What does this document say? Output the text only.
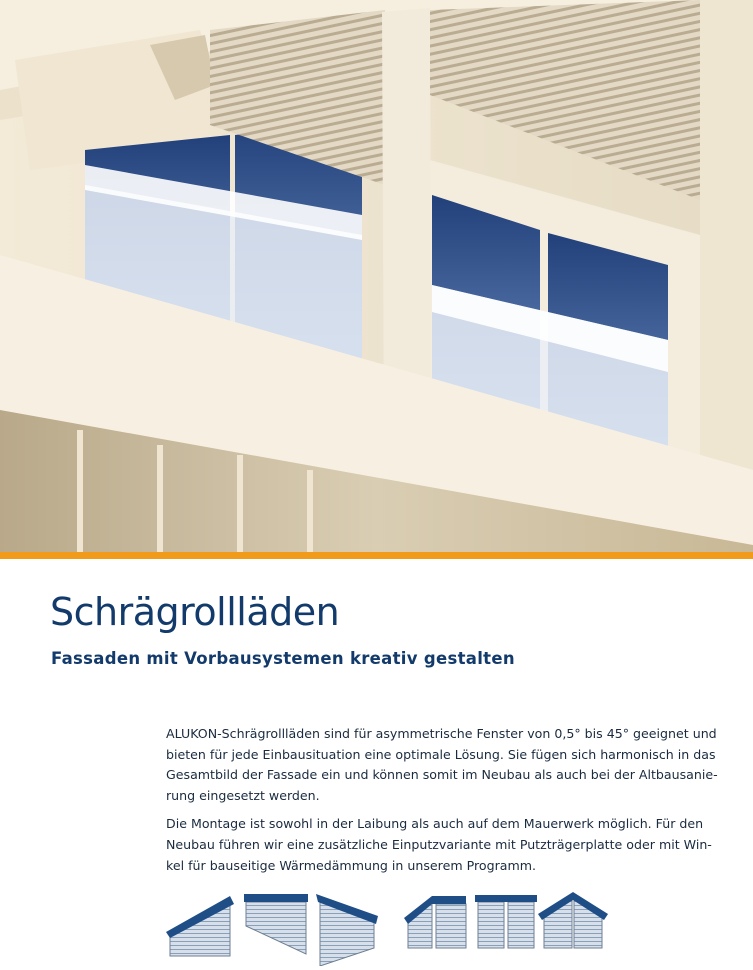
Schrägrollläden
Fassaden mit Vorbausystemen kreativ gestalten

ALUKON-Schrägrollläden sind für asymmetrische Fenster von 0,5° bis 45° geeignet und
bieten für jede Einbausituation eine optimale Lösung. Sie fügen sich harmonisch in das
Gesamtbild der Fassade ein und können somit im Neubau als auch bei der Altbausanie-
rung eingesetzt werden.

Die Montage ist sowohl in der Laibung als auch auf dem Mauerwerk möglich. Für den
Neubau führen wir eine zusätzliche Einputzvariante mit Putzträgerplatte oder mit Win-
kel für bauseitige Wärmedämmung in unserem Programm.
